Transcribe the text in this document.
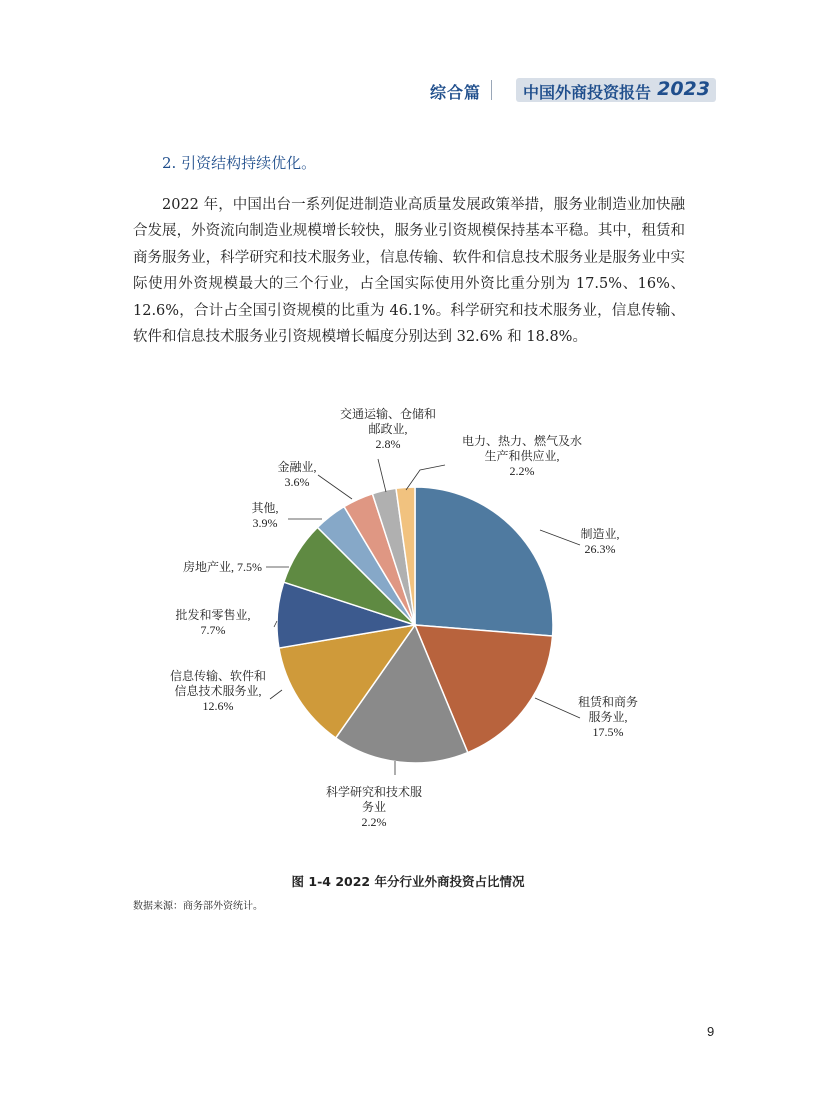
综合篇	中国外商投资报告 2023
2. 引资结构持续优化。
2022 年，中国出台一系列促进制造业高质量发展政策举措，服务业制造业加快融合发展，外资流向制造业规模增长较快，服务业引资规模保持基本平稳。其中，租赁和商务服务业，科学研究和技术服务业，信息传输、软件和信息技术服务业是服务业中实际使用外资规模最大的三个行业，占全国实际使用外资比重分别为 17.5%、16%、12.6%，合计占全国引资规模的比重为 46.1%。科学研究和技术服务业，信息传输、软件和信息技术服务业引资规模增长幅度分别达到 32.6% 和 18.8%。
制造业, 26.3%
租赁和商务服务业, 17.5%
科学研究和技术服务业 2.2%
信息传输、软件和信息技术服务业, 12.6%
批发和零售业, 7.7%
房地产业, 7.5%
其他, 3.9%
金融业, 3.6%
交通运输、仓储和邮政业, 2.8%	电力、热力、燃气及水生产和供应业, 2.2%
图 1-4 2022 年分行业外商投资占比情况
数据来源：商务部外资统计。
9
